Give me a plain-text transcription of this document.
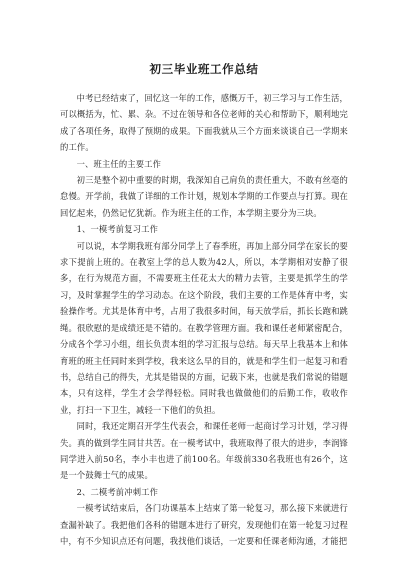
初三毕业班工作总结

中考已经结束了，回忆这一年的工作，感慨万千，初三学习与工作生活，可以概括为，忙、累、杂。不过在领导和各位老师的关心和帮助下，顺利地完成了各项任务，取得了预期的成果。下面我就从三个方面来谈谈自己一学期来的工作。

一、班主任的主要工作

初三是整个初中重要的时期，我深知自己肩负的责任重大，不敢有丝毫的怠慢。开学前，我做了详细的工作计划，规划本学期的工作要点与打算。现在回忆起来，仍然记忆犹新。作为班主任的工作，本学期主要分为三块。

1、一模考前复习工作

可以说，本学期我班有部分同学上了春季班，再加上部分同学在家长的要求下提前上班的。在教室上学的总人数为42人，所以，本学期相对安静了很多，在行为规范方面，不需要班主任花太大的精力去管，主要是抓学生的学习，及时掌握学生的学习动态。在这个阶段，我们主要的工作是体育中考，实验操作考。尤其是体育中考，占用了我很多时间，每天放学后，抓长长跑和跳绳。很欣慰的是成绩还是不错的。在教学管理方面。我和课任老师紧密配合，分成各个学习小组，组长负责本组的学习汇报与总结。每天早上我基本上和体育班的班主任同时来到学校，我来这么早的目的，就是和学生们一起复习和看书，总结自己的得失，尤其是错误的方面，记载下来，也就是我们常说的错题本，只有这样，学生才会学得轻松。同时我也做做他们的后勤工作，收收作业，打扫一下卫生，减轻一下他们的负担。

同时，我还定期召开学生代表会，和课任老师一起商讨学习计划，学习得失。真的做到学生同甘共苦。在一模考试中，我班取得了很大的进步，李润锋同学进入前50名，李小丰也进了前100名。年级前330名我班也有26个，这是一个鼓舞士气的成果。

2、二模考前冲刺工作

一模考试结束后，各门功课基本上结束了第一轮复习，那么接下来就进行查漏补缺了。我把他们各科的错题本进行了研究，发现他们在第一轮复习过程中，有不少知识点还有问题，我找他们谈话，一定要和任课老师沟通，才能把
